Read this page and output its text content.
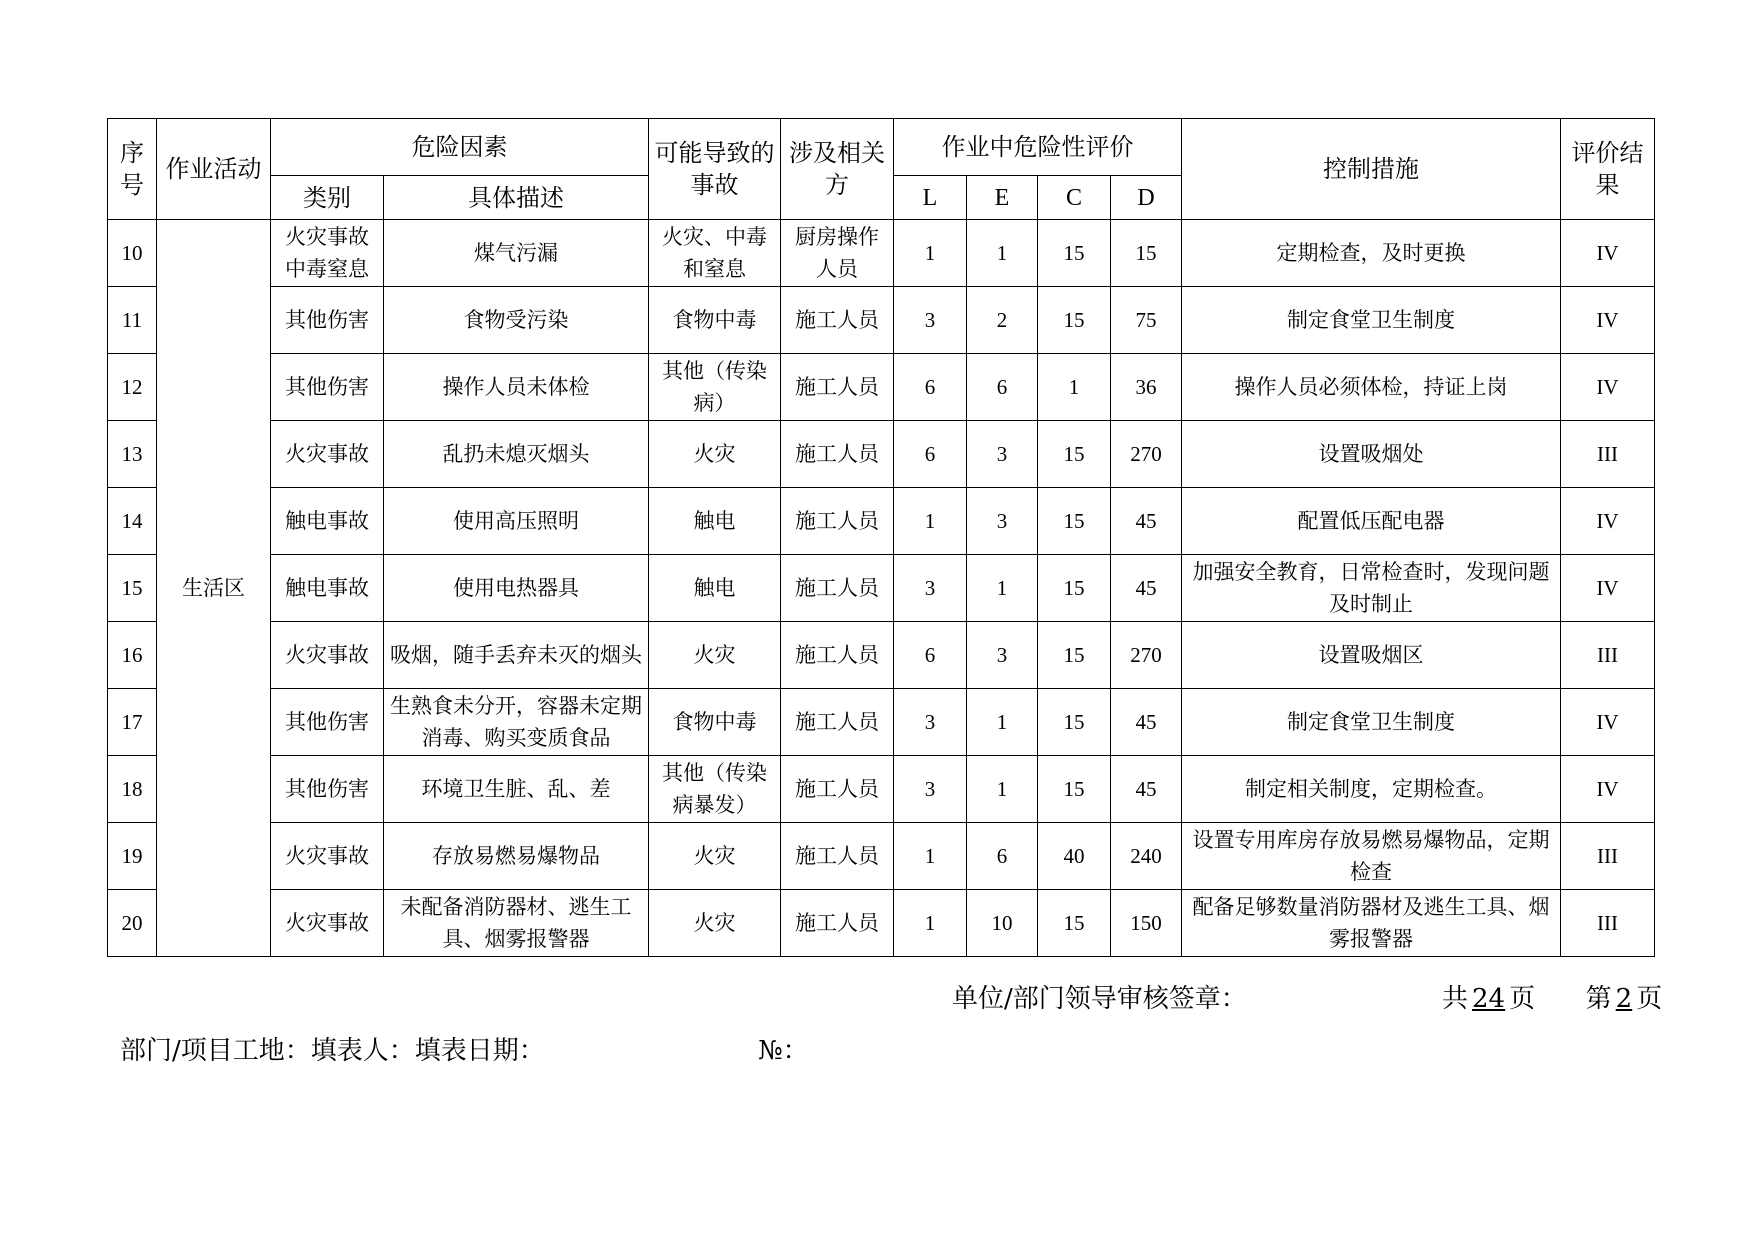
序号	作业活动	危险因素		可能导致的事故	涉及相关方	作业中危险性评价				控制措施	评价结果
		类别	具体描述			L	E	C	D		
10	生活区	火灾事故中毒窒息	煤气污漏	火灾、中毒和窒息	厨房操作人员	1	1	15	15	定期检查，及时更换	IV
11		其他伤害	食物受污染	食物中毒	施工人员	3	2	15	75	制定食堂卫生制度	IV
12		其他伤害	操作人员未体检	其他（传染病）	施工人员	6	6	1	36	操作人员必须体检，持证上岗	IV
13		火灾事故	乱扔未熄灭烟头	火灾	施工人员	6	3	15	270	设置吸烟处	III
14		触电事故	使用高压照明	触电	施工人员	1	3	15	45	配置低压配电器	IV
15		触电事故	使用电热器具	触电	施工人员	3	1	15	45	加强安全教育，日常检查时，发现问题及时制止	IV
16		火灾事故	吸烟，随手丢弃未灭的烟头	火灾	施工人员	6	3	15	270	设置吸烟区	III
17		其他伤害	生熟食未分开，容器未定期消毒、购买变质食品	食物中毒	施工人员	3	1	15	45	制定食堂卫生制度	IV
18		其他伤害	环境卫生脏、乱、差	其他（传染病暴发）	施工人员	3	1	15	45	制定相关制度，定期检查。	IV
19		火灾事故	存放易燃易爆物品	火灾	施工人员	1	6	40	240	设置专用库房存放易燃易爆物品，定期检查	III
20		火灾事故	未配备消防器材、逃生工具、烟雾报警器	火灾	施工人员	1	10	15	150	配备足够数量消防器材及逃生工具、烟雾报警器	III
单位/部门领导审核签章：	共 24 页 第 2 页
部门/项目工地：填表人：填表日期：	№：
